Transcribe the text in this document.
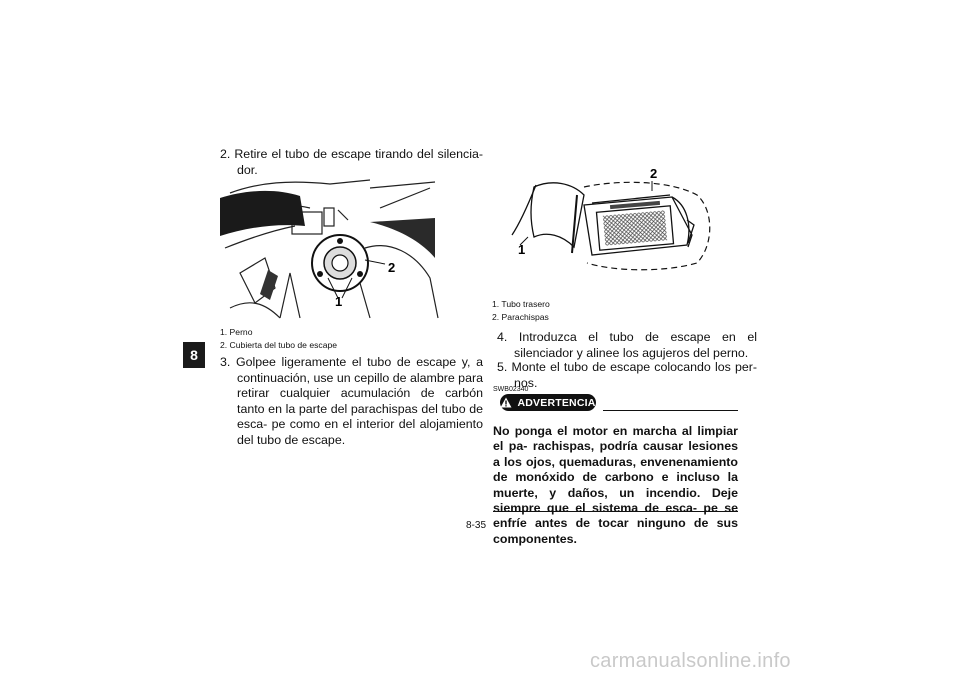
8
2. Retire el tubo de escape tirando del silencia- dor.
1
2
1. Perno
2. Cubierta del tubo de escape
3. Golpee ligeramente el tubo de escape y, a continuación, use un cepillo de alambre para retirar cualquier acumulación de carbón tanto en la parte del parachispas del tubo de esca- pe como en el interior del alojamiento del tubo de escape.
2
1
1. Tubo trasero
2. Parachispas
4. Introduzca el tubo de escape en el silenciador y alinee los agujeros del perno.
5. Monte el tubo de escape colocando los per- nos.
SWB02340
ADVERTENCIA
No ponga el motor en marcha al limpiar el pa- rachispas, podría causar lesiones a los ojos, quemaduras, envenenamiento de monóxido de carbono e incluso la muerte, y daños, un incendio. Deje siempre que el sistema de esca- pe se enfríe antes de tocar ninguno de sus componentes.
8-35
carmanualsonline.info
